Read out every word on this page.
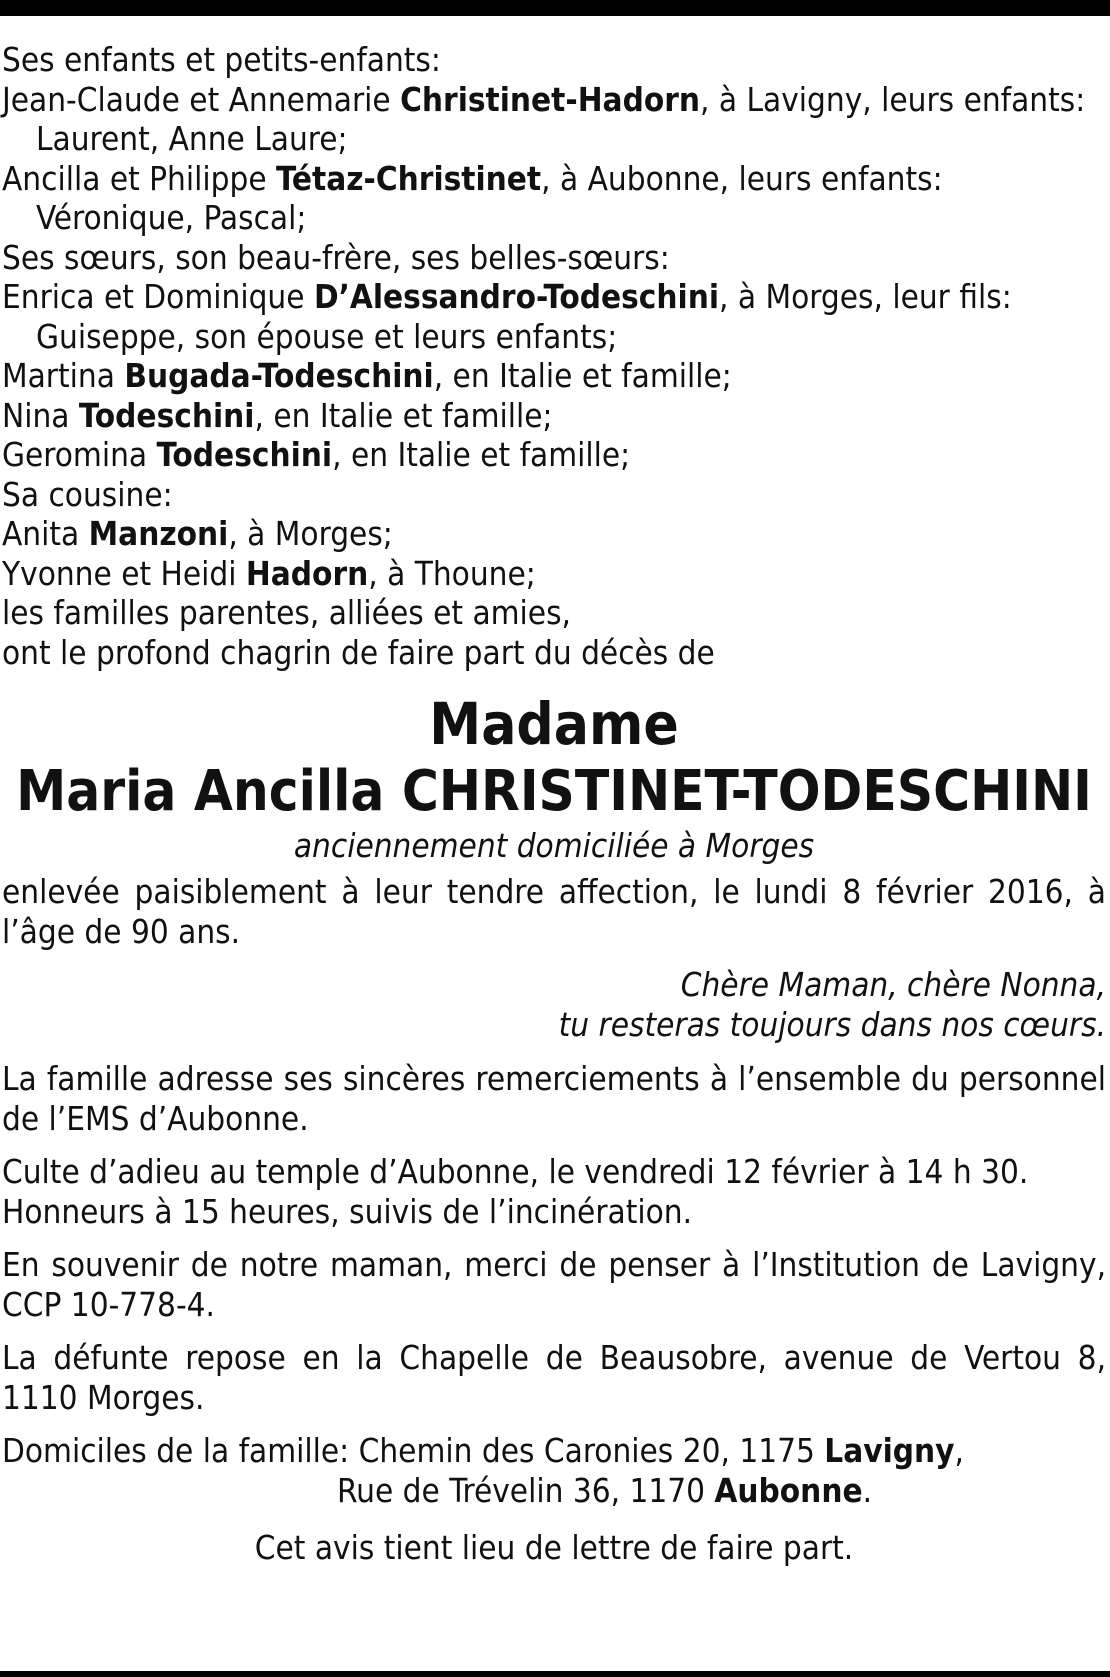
Ses enfants et petits-enfants:
Jean-Claude et Annemarie Christinet-Hadorn, à Lavigny, leurs enfants:
Laurent, Anne Laure;
Ancilla et Philippe Tétaz-Christinet, à Aubonne, leurs enfants:
Véronique, Pascal;
Ses sœurs, son beau-frère, ses belles-sœurs:
Enrica et Dominique D’Alessandro-Todeschini, à Morges, leur fils:
Guiseppe, son épouse et leurs enfants;
Martina Bugada-Todeschini, en Italie et famille;
Nina Todeschini, en Italie et famille;
Geromina Todeschini, en Italie et famille;
Sa cousine:
Anita Manzoni, à Morges;
Yvonne et Heidi Hadorn, à Thoune;
les familles parentes, alliées et amies,
ont le profond chagrin de faire part du décès de
Madame
Maria Ancilla CHRISTINET-TODESCHINI
anciennement domiciliée à Morges
enlevée paisiblement à leur tendre affection, le lundi 8 février 2016, à l’âge de 90 ans.
Chère Maman, chère Nonna,
tu resteras toujours dans nos cœurs.
La famille adresse ses sincères remerciements à l’ensemble du personnel de l’EMS d’Aubonne.
Culte d’adieu au temple d’Aubonne, le vendredi 12 février à 14 h 30. Honneurs à 15 heures, suivis de l’incinération.
En souvenir de notre maman, merci de penser à l’Institution de Lavigny, CCP 10-778-4.
La défunte repose en la Chapelle de Beausobre, avenue de Vertou 8, 1110 Morges.
Domiciles de la famille: Chemin des Caronies 20, 1175 Lavigny,
Rue de Trévelin 36, 1170 Aubonne.
Cet avis tient lieu de lettre de faire part.
